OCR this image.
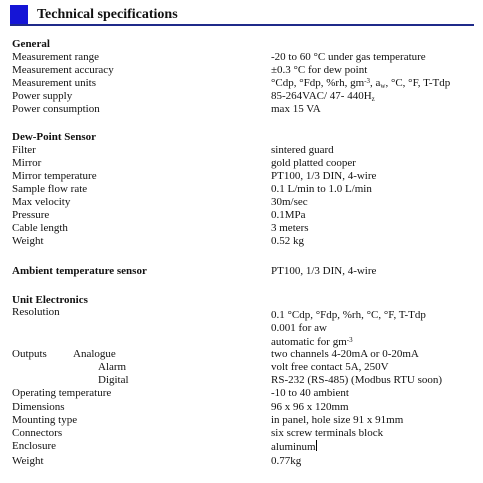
Technical specifications
General
Measurement range	-20 to 60 °C under gas temperature
Measurement accuracy	±0.3 °C for dew point
Measurement units	°Cdp, °Fdp, %rh, $gm^{-3}$, $a_w$, °C, °F, T-Tdp
Power supply	85-264VAC/ 47- $440H_z$
Power consumption	max 15 VA
Dew-Point Sensor
Filter	sintered guard
Mirror	gold platted cooper
Mirror temperature	PT100, 1/3 DIN, 4-wire
Sample flow rate	0.1 L/min to 1.0 L/min
Max velocity	30m/sec
Pressure	0.1MPa
Cable length	3 meters
Weight	0.52 kg
Ambient temperature sensor	PT100, 1/3 DIN, 4-wire
Unit Electronics
Resolution	0.1 °Cdp, °Fdp, %rh, °C, °F, T-Tdp
0.001 for aw
automatic for $gm^{-3}$
Outputs Analogue	two channels 4-20mA or 0-20mA
Alarm	volt free contact 5A, 250V
Digital	RS-232 (RS-485) (Modbus RTU soon)
Operating temperature	-10 to 40 ambient
Dimensions	96 x 96 x 120mm
Mounting type	in panel, hole size 91 x 91mm
Connectors	six screw terminals block
Enclosure	aluminum
Weight	0.77kg
